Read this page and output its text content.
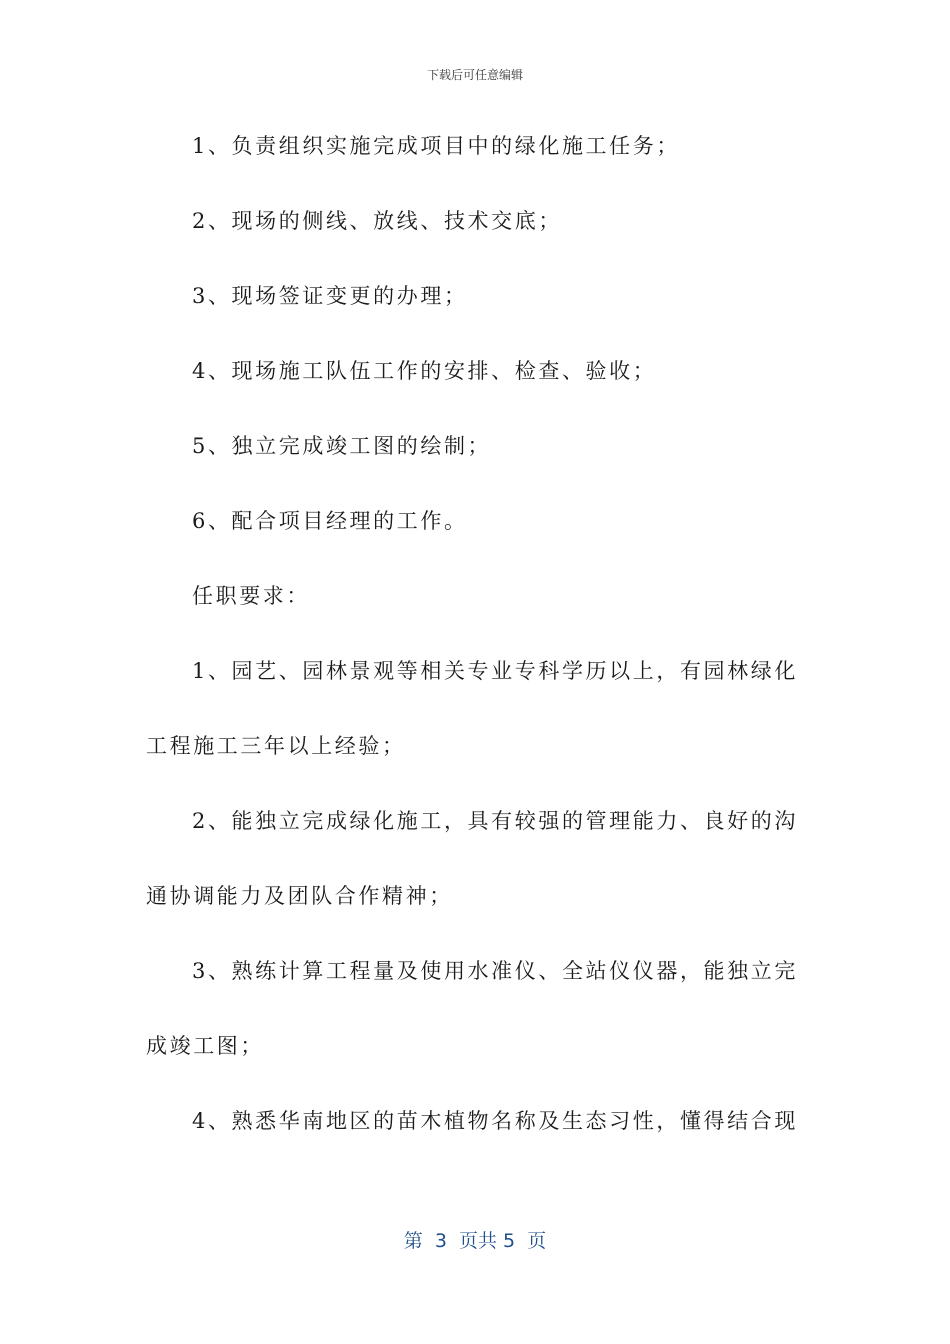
下载后可任意编辑
1、负责组织实施完成项目中的绿化施工任务；
2、现场的侧线、放线、技术交底；
3、现场签证变更的办理；
4、现场施工队伍工作的安排、检查、验收；
5、独立完成竣工图的绘制；
6、配合项目经理的工作。
任职要求：
1、园艺、园林景观等相关专业专科学历以上，有园林绿化
工程施工三年以上经验；
2、能独立完成绿化施工，具有较强的管理能力、良好的沟
通协调能力及团队合作精神；
3、熟练计算工程量及使用水准仪、全站仪仪器，能独立完
成竣工图；
4、熟悉华南地区的苗木植物名称及生态习性，懂得结合现
第  3  页共 5  页
